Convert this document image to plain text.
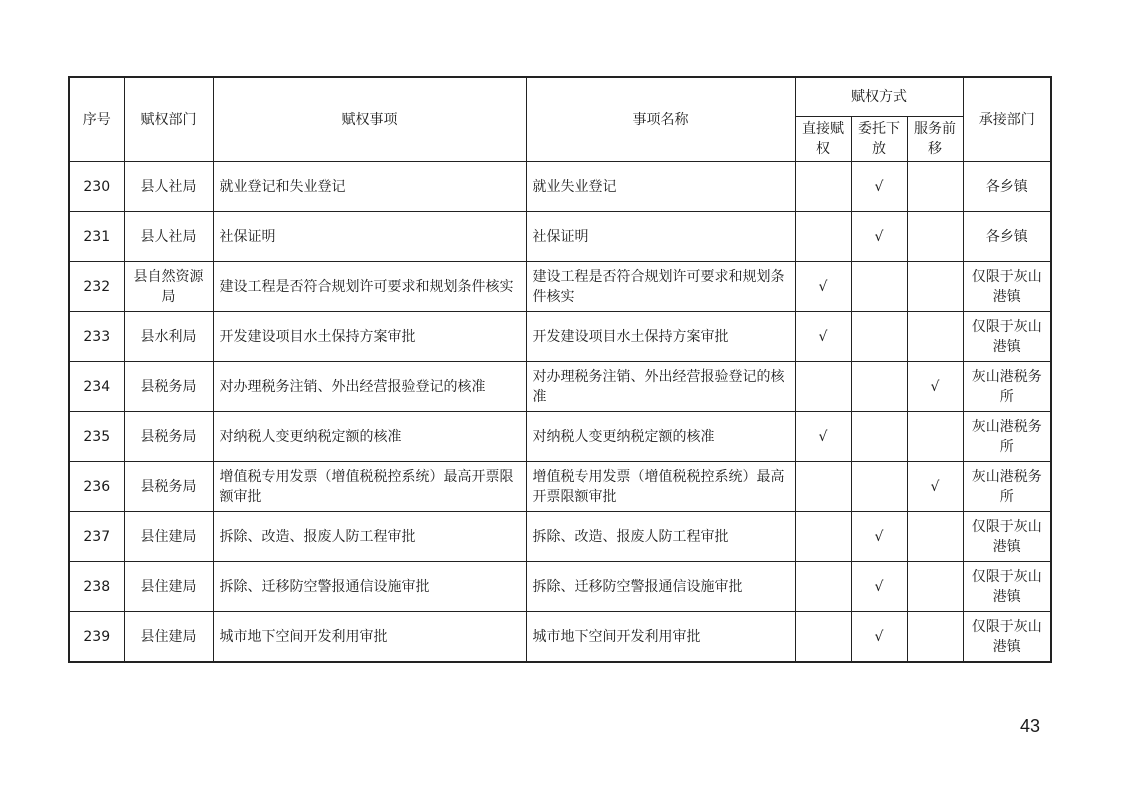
序号	赋权部门	赋权事项	事项名称	赋权方式			承接部门
				直接赋权	委托下放	服务前移	
230	县人社局	就业登记和失业登记	就业失业登记		√		各乡镇
231	县人社局	社保证明	社保证明		√		各乡镇
232	县自然资源局	建设工程是否符合规划许可要求和规划条件核实	建设工程是否符合规划许可要求和规划条件核实	√			仅限于灰山港镇
233	县水利局	开发建设项目水土保持方案审批	开发建设项目水土保持方案审批	√			仅限于灰山港镇
234	县税务局	对办理税务注销、外出经营报验登记的核准	对办理税务注销、外出经营报验登记的核准			√	灰山港税务所
235	县税务局	对纳税人变更纳税定额的核准	对纳税人变更纳税定额的核准	√			灰山港税务所
236	县税务局	增值税专用发票（增值税税控系统）最高开票限额审批	增值税专用发票（增值税税控系统）最高开票限额审批			√	灰山港税务所
237	县住建局	拆除、改造、报废人防工程审批	拆除、改造、报废人防工程审批		√		仅限于灰山港镇
238	县住建局	拆除、迁移防空警报通信设施审批	拆除、迁移防空警报通信设施审批		√		仅限于灰山港镇
239	县住建局	城市地下空间开发利用审批	城市地下空间开发利用审批		√		仅限于灰山港镇
43
